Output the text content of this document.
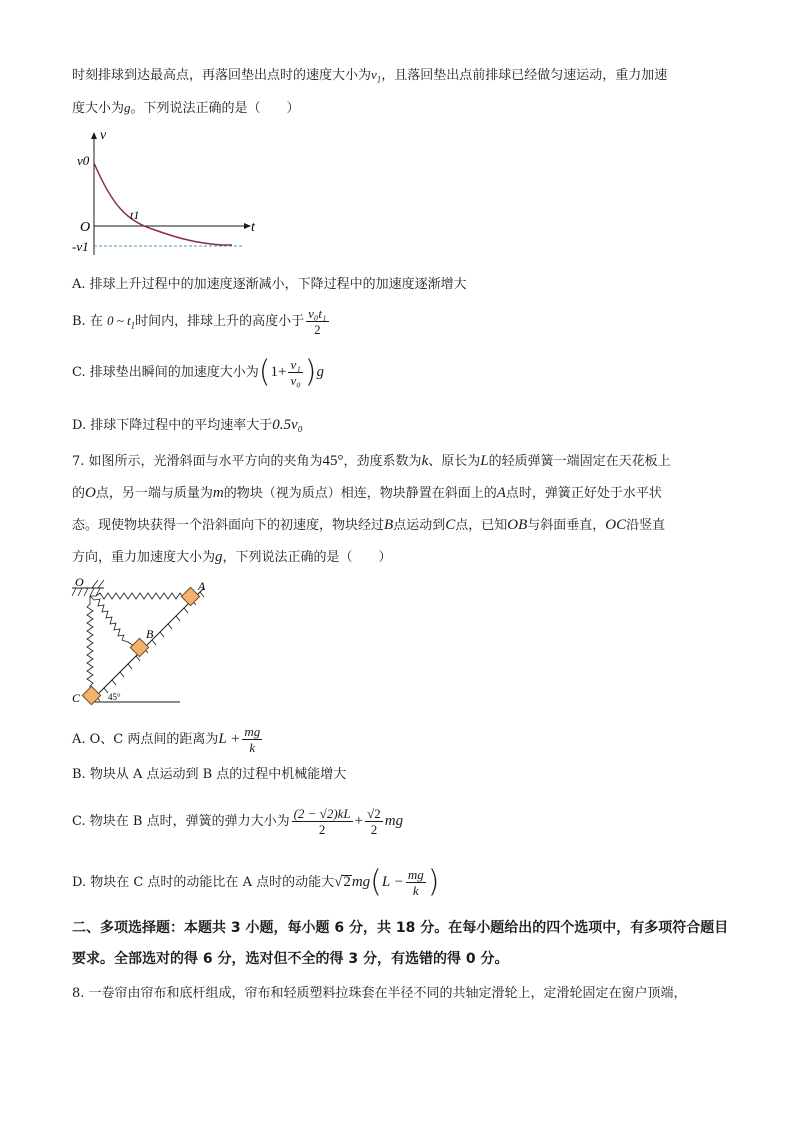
时刻排球到达最高点，再落回垫出点时的速度大小为$v_1$，且落回垫出点前排球已经做匀速运动，重力加速
度大小为g。下列说法正确的是（　　）
v
t
O
v0
t1
-v1
A. 排球上升过程中的加速度逐渐减小，下降过程中的加速度逐渐增大
B. 在 0 ~ $t_1$时间内，排球上升的高度小于 $\frac{\text{v₀t₁}}{2}$
C. 排球垫出瞬间的加速度大小为$(1+ \frac{\text{v₁}}{\text{v₀}} )g$
D. 排球下降过程中的平均速率大于0.5v₀
7. 如图所示，光滑斜面与水平方向的夹角为45°，劲度系数为k、原长为L的轻质弹簧一端固定在天花板上
的O点，另一端与质量为m的物块（视为质点）相连，物块静置在斜面上的A点时，弹簧正好处于水平状
态。现使物块获得一个沿斜面向下的初速度，物块经过B点运动到C点，已知OB与斜面垂直，OC沿竖直
方向，重力加速度大小为g，下列说法正确的是（　　）
O	A
B
C	45°
A. O、C 两点间的距离为$L + \frac{mg}{k}$
B. 物块从 A 点运动到 B 点的过程中机械能增大
C. 物块在 B 点时，弹簧的弹力大小为 $\frac{(2 - √2)kL}{2} + \frac{√2}{2}$ mg
D. 物块在 C 点时的动能比在 A 点时的动能大$√2mg(L - \frac{mg}{k}$ )
二、多项选择题：本题共 3 小题，每小题 6 分，共 18 分。在每小题给出的四个选项中，有多项符合题目要求。全部选对的得 6 分，选对但不全的得 3 分，有选错的得 0 分。
8. 一卷帘由帘布和底杆组成，帘布和轻质塑料拉珠套在半径不同的共轴定滑轮上，定滑轮固定在窗户顶端，
